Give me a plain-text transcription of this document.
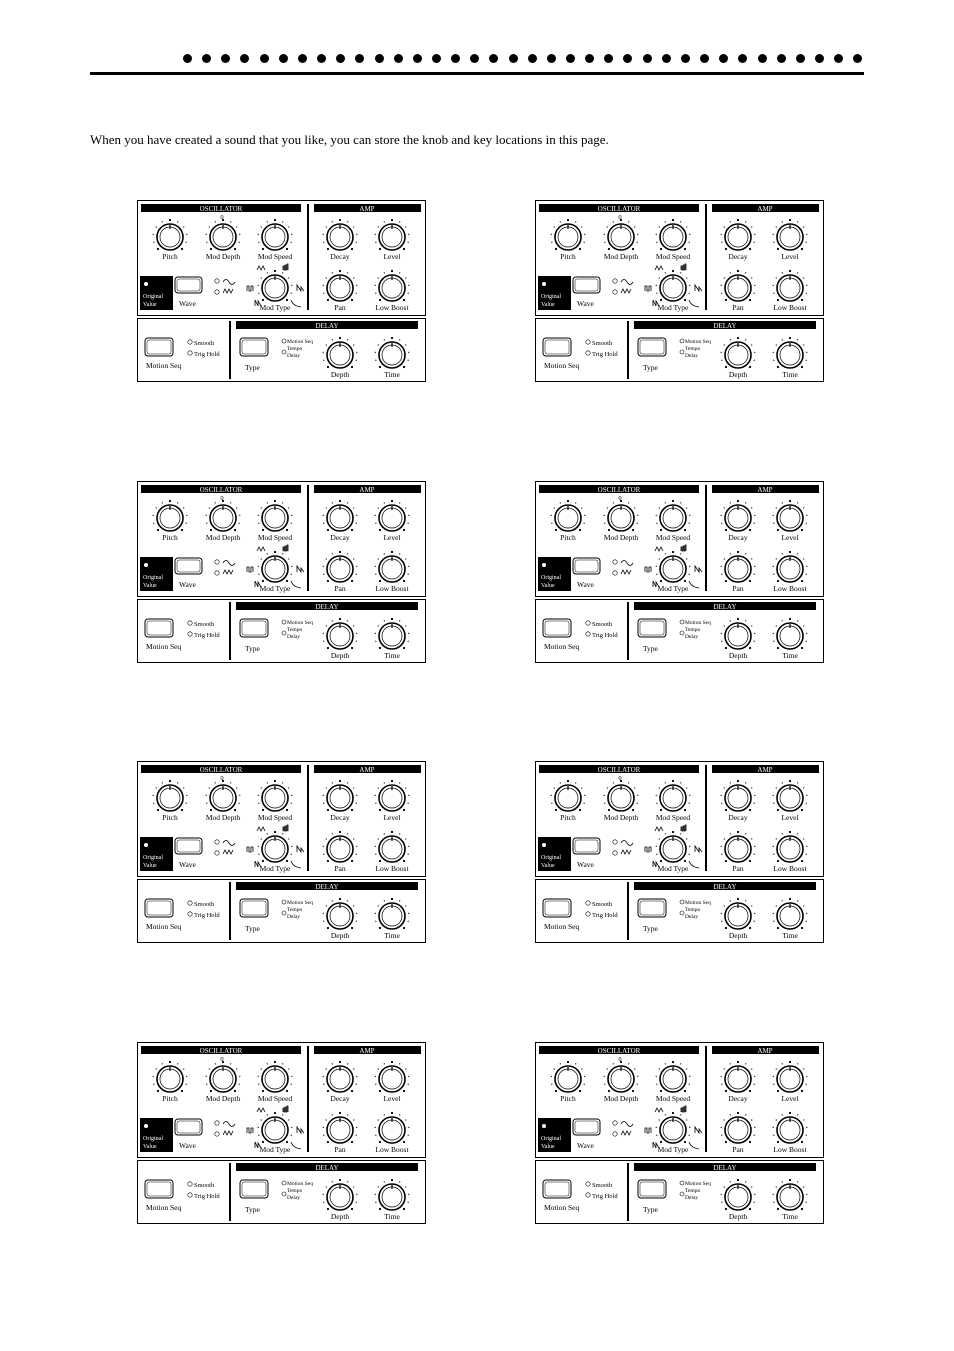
When you have created a sound that you like, you can store the knob and key locations in this page.
OSCILLATOR	AMP
DELAY
Pitch	Mod Depth
0
Mod Speed	Decay	Level
Mod Type	Pan	Low Boost
Depth	Time
Original
Value	Wave
Motion Seq
Smooth
Trig Hold
Type
Motion Seq
Tempo
Delay
OSCILLATOR	AMP
DELAY
Pitch	Mod Depth
0
Mod Speed	Decay	Level
Mod Type	Pan	Low Boost
Depth	Time
Original
Value	Wave
Motion Seq
Smooth
Trig Hold
Type
Motion Seq
Tempo
Delay
OSCILLATOR	AMP
DELAY
Pitch	Mod Depth
0
Mod Speed	Decay	Level
Mod Type	Pan	Low Boost
Depth	Time
Original
Value	Wave
Motion Seq
Smooth
Trig Hold
Type
Motion Seq
Tempo
Delay
OSCILLATOR	AMP
DELAY
Pitch	Mod Depth
0
Mod Speed	Decay	Level
Mod Type	Pan	Low Boost
Depth	Time
Original
Value	Wave
Motion Seq
Smooth
Trig Hold
Type
Motion Seq
Tempo
Delay
OSCILLATOR	AMP
DELAY
Pitch	Mod Depth
0
Mod Speed	Decay	Level
Mod Type	Pan	Low Boost
Depth	Time
Original
Value	Wave
Motion Seq
Smooth
Trig Hold
Type
Motion Seq
Tempo
Delay
OSCILLATOR	AMP
DELAY
Pitch	Mod Depth
0
Mod Speed	Decay	Level
Mod Type	Pan	Low Boost
Depth	Time
Original
Value	Wave
Motion Seq
Smooth
Trig Hold
Type
Motion Seq
Tempo
Delay
OSCILLATOR	AMP
DELAY
Pitch	Mod Depth
0
Mod Speed	Decay	Level
Mod Type	Pan	Low Boost
Depth	Time
Original
Value	Wave
Motion Seq
Smooth
Trig Hold
Type
Motion Seq
Tempo
Delay
OSCILLATOR	AMP
DELAY
Pitch	Mod Depth
0
Mod Speed	Decay	Level
Mod Type	Pan	Low Boost
Depth	Time
Original
Value	Wave
Motion Seq
Smooth
Trig Hold
Type
Motion Seq
Tempo
Delay
